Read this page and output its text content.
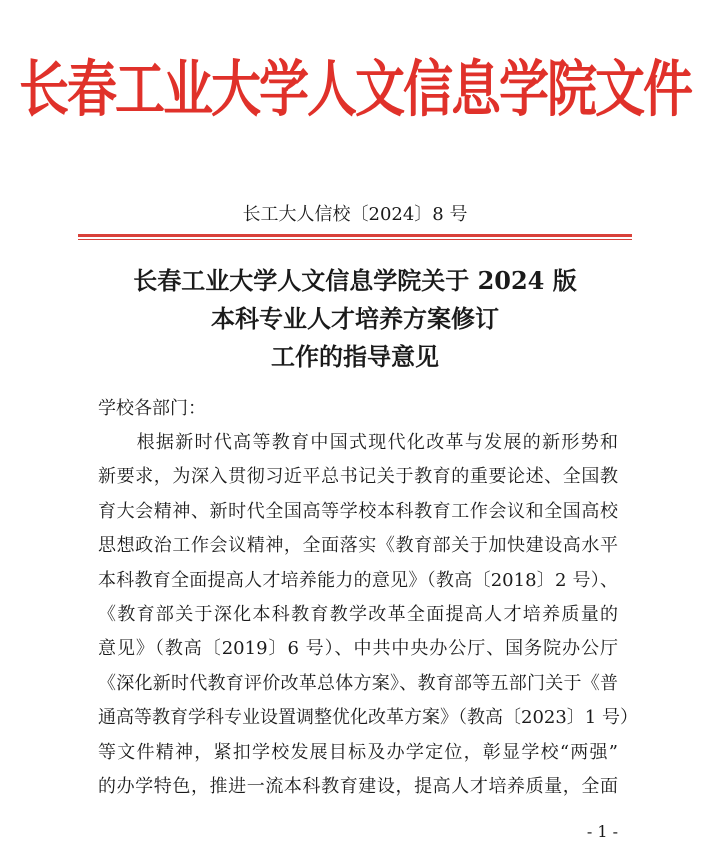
长春工业大学人文信息学院文件
长工大人信校〔2024〕8 号
长春工业大学人文信息学院关于 2024 版
本科专业人才培养方案修订
工作的指导意见
学校各部门：
　　根据新时代高等教育中国式现代化改革与发展的新形势和
新要求，为深入贯彻习近平总书记关于教育的重要论述、全国教
育大会精神、新时代全国高等学校本科教育工作会议和全国高校
思想政治工作会议精神，全面落实《教育部关于加快建设高水平
本科教育全面提高人才培养能力的意见》（教高〔2018〕2 号）、
《教育部关于深化本科教育教学改革全面提高人才培养质量的
意见》（教高〔2019〕6 号）、中共中央办公厅、国务院办公厅
《深化新时代教育评价改革总体方案》、教育部等五部门关于《普
通高等教育学科专业设置调整优化改革方案》（教高〔2023〕1 号）
等文件精神，紧扣学校发展目标及办学定位，彰显学校“两强”
的办学特色，推进一流本科教育建设，提高人才培养质量，全面
- 1 -
